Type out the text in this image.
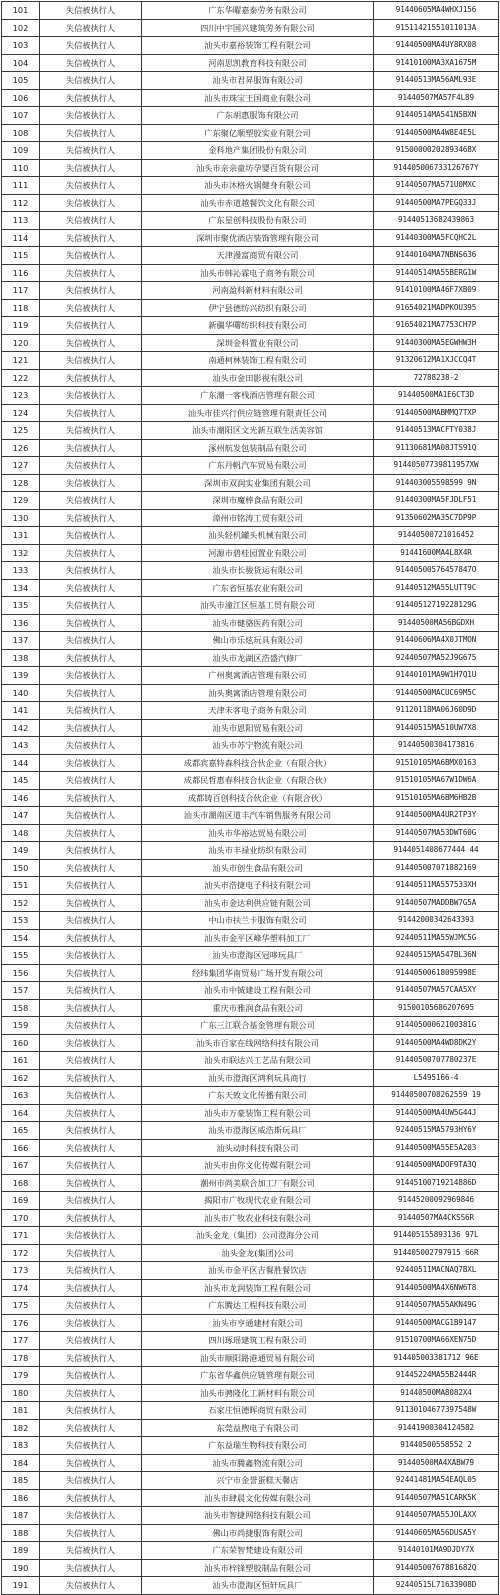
101	失信被执行人	广东华曜嘉泰劳务有限公司	91440605MA4WHXJ156
102	失信被执行人	四川中宇国兴建筑劳务有限公司	91511421551011013A
103	失信被执行人	汕头市嘉裕装饰工程有限公司	91440500MA4UY8RX08
104	失信被执行人	河南思凯教育科技有限公司	91410100MA3XA1675M
105	失信被执行人	汕头市君昇服饰有限公司	91440513MA56AML93E
106	失信被执行人	汕头市珠宝王国商业有限公司	91440507MA57F4L89
107	失信被执行人	广东胡惠服饰有限公司	91440514MA541N5BXN
108	失信被执行人	广东聚亿顺塑胶实业有限公司	91440500MA4W8E4E5L
109	失信被执行人	金科地产集团股份有限公司	91500000202893468X
110	失信被执行人	汕头市亲亲童坊孕婴百货有限公司	914405006733126767Y
111	失信被执行人	汕头市沐格火锅健身有限公司	91440507MA571U0MXC
112	失信被执行人	汕头市赤道越餐饮文化有限公司	91440500MA7PEGQ33J
113	失信被执行人	广东星创科技股份有限公司	91440513682439863
114	失信被执行人	深圳市聚优酒店装饰管理有限公司	91440300MA5FCQHC2L
115	失信被执行人	天津漫富商贸有限公司	91440104MA7NBNS636
116	失信被执行人	汕头市韩沁霖电子商务有限公司	91440514MA55BERG1W
117	失信被执行人	河南盈科新材料有限公司	91410100MA46F7XB09
118	失信被执行人	伊宁县德纺兴纺织有限公司	91654021MADPKOU395
119	失信被执行人	新疆华曙纺织科技有限公司	91654021MA7753CH7P
120	失信被执行人	深圳金科置业有限公司	91440300MA5EGWHW3H
121	失信被执行人	南通柯林装饰工程有限公司	91320612MA1XJCCQ4T
122	失信被执行人	汕头市金田影视有限公司	72788238-2
123	失信被执行人	广东潮一客栈酒店管理有限公司	91440500MA1E6CT3D
124	失信被执行人	汕头市佳兴行供应链管理有限责任公司	91440500MABMMQ7TXP
125	失信被执行人	汕头市潮阳区文光新互联生活美容馆	91440513MACFTY038J
126	失信被执行人	涿州航发包装制品有限公司	91130681MA08JTS91Q
127	失信被执行人	广东丹帆汽车贸易有限公司	91440507739811957XW
128	失信被执行人	深圳市双润实业集团有限公司	914403005598599 9N
129	失信被执行人	深圳市魔棒食品有限公司	91440300MA5FJDLF51
130	失信被执行人	漳州市铭涛工贸有限公司	91350602MA35C7DP9P
131	失信被执行人	汕头轻机罐头机械有限公司	91440500721016452
132	失信被执行人	河源市碧桂园置业有限公司	91441600MA4L8X4R
133	失信被执行人	汕头市长骏货运有限公司	91440500576457847O
134	失信被执行人	广东省恒基农业有限公司	91440512MA55LUTT9C
135	失信被执行人	汕头市潼江区恒基工贸有限公司	91440512719228129G
136	失信被执行人	汕头市健骆医药有限公司	91440500MA56BGDXH
137	失信被执行人	佛山市乐炫玩具有限公司	91440606MA4X0JTMON
138	失信被执行人	汕头市龙湖区浩盛汽修厂	92440507MA52J9G675
139	失信被执行人	广州奥寓酒店管理有限公司	91440101MA9W1H7Q1U
140	失信被执行人	汕头奥寓酒店管理有限公司	91440500MACUC69M5C
141	失信被执行人	天津未客电子商务有限公司	91120118MA06J60D9D
142	失信被执行人	汕头市恩阳贸易有限公司	91440515MA510UW7X8
143	失信被执行人	汕头市苏宁物流有限公司	91440500304173816
144	失信被执行人	成都宾嘉特森科技合伙企业（有限合伙）	91510105MA6BMX0163
145	失信被执行人	成都民哲惠春科技合伙企业（有限合伙）	91510105MA67W1DW6A
146	失信被执行人	成都铸百创科技合伙企业（有限合伙）	91510105MA6BM6HB2B
147	失信被执行人	汕头市潮南区道丰汽车销售服务有限公司	91440500MA4UR2TP3Y
148	失信被执行人	汕头市华裕达贸易有限公司	91440507MA53DWT60G
149	失信被执行人	汕头市丰禄业纺织有限公司	9144051408677444 44
150	失信被执行人	汕头市创生食品有限公司	914405007071882169
151	失信被执行人	汕头市浩捷电子科技有限公司	91440511MA557533XH
152	失信被执行人	汕头市金达利供应链有限公司	91440507MADDBW7G5A
153	失信被执行人	中山市扶兰卡服饰有限公司	91442000342643393
154	失信被执行人	汕头市金平区峰华塑料加工厂	92440511MA55WJMC5G
155	失信被执行人	汕头市澄海区冠哆玩具厂	92440515MA547BL36N
156	失信被执行人	经纬集团华南贸易广场开发有限公司	91440500618095998E
157	失信被执行人	汕头市中铖建设工程有限公司	91440507MA57CAA5XY
158	失信被执行人	重庆市雅润食品有限公司	91500105686207695
159	失信被执行人	广东三江联合基金管理有限公司	91440500062100381G
160	失信被执行人	汕头市百家在线网络科技有限公司	91440500MA4WD8DK2Y
161	失信被执行人	汕头市联达兴工艺品有限公司	91440500707780237E
162	失信被执行人	汕头市澄海区鸿利玩具商行	L5495166-4
163	失信被执行人	广东天致文化传播有限公司	91440500708262559 19
164	失信被执行人	汕头市万豪装饰工程有限公司	91440500MA4UW5G44J
165	失信被执行人	汕头市澄海区威浩斯玩具厂	92440515MA5793HY6Y
166	失信被执行人	汕头动时科技有限公司	91440500MA55E5A203
167	失信被执行人	汕头市由你文化传媒有限公司	91440500MADOF9TA3Q
168	失信被执行人	潮州市尚美联合加工厂有限公司	91445100719214886D
169	失信被执行人	揭阳市广牧现代农业有限公司	91445200092969846
170	失信被执行人	汕头市广牧农业科技有限公司	91440507MA4CKSS6R
171	失信被执行人	汕头金龙（集团）公司澄海分公司	914405155893136 97L
172	失信被执行人	汕头金龙(集团)公司	914405002797915 66R
173	失信被执行人	汕头市金平区吉餐胜餐饮店	92440511MACNAQ7BXL
174	失信被执行人	汕头市龙润装饰工程有限公司	91440500MA4X6NW6T8
175	失信被执行人	广东腾达工程科技有限公司	91440507MA55AKN49G
176	失信被执行人	汕头市亨通建材有限公司	91440500MACG1B9147
177	失信被执行人	四川琢瑶建筑工程有限公司	91510700MA66XEN75D
178	失信被执行人	汕头市顺阳路港通贸易有限公司	914405003381712 96E
179	失信被执行人	广东省华鑫供应链管理有限公司	91445224MA55B2444R
180	失信被执行人	汕头市骋隆化工新材料有限公司	91440500MA8082X4
181	失信被执行人	石家庄恒德晖商贸有限公司	91130104677397548W
182	失信被执行人	东莞益煦电子有限公司	91441900304124582
183	失信被执行人	广东益瑞生物科技有限公司	91440500558552 2
184	失信被执行人	汕头市腾鑫物流有限公司	91440500MA4XABW79
185	失信被执行人	兴宁市金誉蛋糕天馨店	92441481MA54EAQL05
186	失信被执行人	汕头市肆晨文化传媒有限公司	91440507MA51CARK5K
187	失信被执行人	汕头市智捷网络科技有限公司	91440507MA55JOLAXX
188	失信被执行人	佛山市尚捷服饰有限公司	91440605MA56DUSA5Y
189	失信被执行人	广东荣智梵建设有限公司	91440101MA9DJDY7X
190	失信被执行人	汕头市梓锋塑胶制品有限公司	91440500767881682Q
191	失信被执行人	汕头市澄海区恒轩玩具厂	92440515L71633908D
